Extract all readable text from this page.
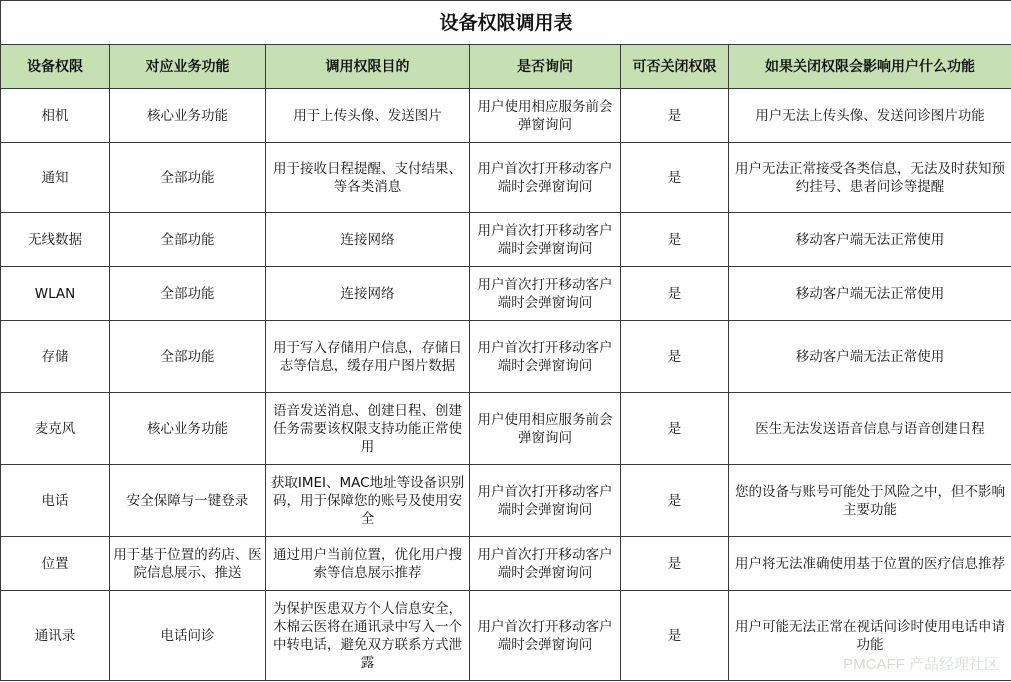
设备权限调用表					
设备权限	对应业务功能	调用权限目的	是否询问	可否关闭权限	如果关闭权限会影响用户什么功能
相机	核心业务功能	用于上传头像、发送图片	用户使用相应服务前会弹窗询问	是	用户无法上传头像、发送问诊图片功能
通知	全部功能	用于接收日程提醒、支付结果、等各类消息	用户首次打开移动客户端时会弹窗询问	是	用户无法正常接受各类信息，无法及时获知预约挂号、患者问诊等提醒
无线数据	全部功能	连接网络	用户首次打开移动客户端时会弹窗询问	是	移动客户端无法正常使用
WLAN	全部功能	连接网络	用户首次打开移动客户端时会弹窗询问	是	移动客户端无法正常使用
存储	全部功能	用于写入存储用户信息，存储日志等信息，缓存用户图片数据	用户首次打开移动客户端时会弹窗询问	是	移动客户端无法正常使用
麦克风	核心业务功能	语音发送消息、创建日程、创建任务需要该权限支持功能正常使用	用户使用相应服务前会弹窗询问	是	医生无法发送语音信息与语音创建日程
电话	安全保障与一键登录	获取IMEI、MAC地址等设备识别码，用于保障您的账号及使用安全	用户首次打开移动客户端时会弹窗询问	是	您的设备与账号可能处于风险之中，但不影响主要功能
位置	用于基于位置的药店、医院信息展示、推送	通过用户当前位置，优化用户搜索等信息展示推荐	用户首次打开移动客户端时会弹窗询问	是	用户将无法准确使用基于位置的医疗信息推荐
通讯录	电话问诊	为保护医患双方个人信息安全，木棉云医将在通讯录中写入一个中转电话，避免双方联系方式泄露	用户首次打开移动客户端时会弹窗询问	是	用户可能无法正常在视话问诊时使用电话申请功能
PMCAFF 产品经理社区
